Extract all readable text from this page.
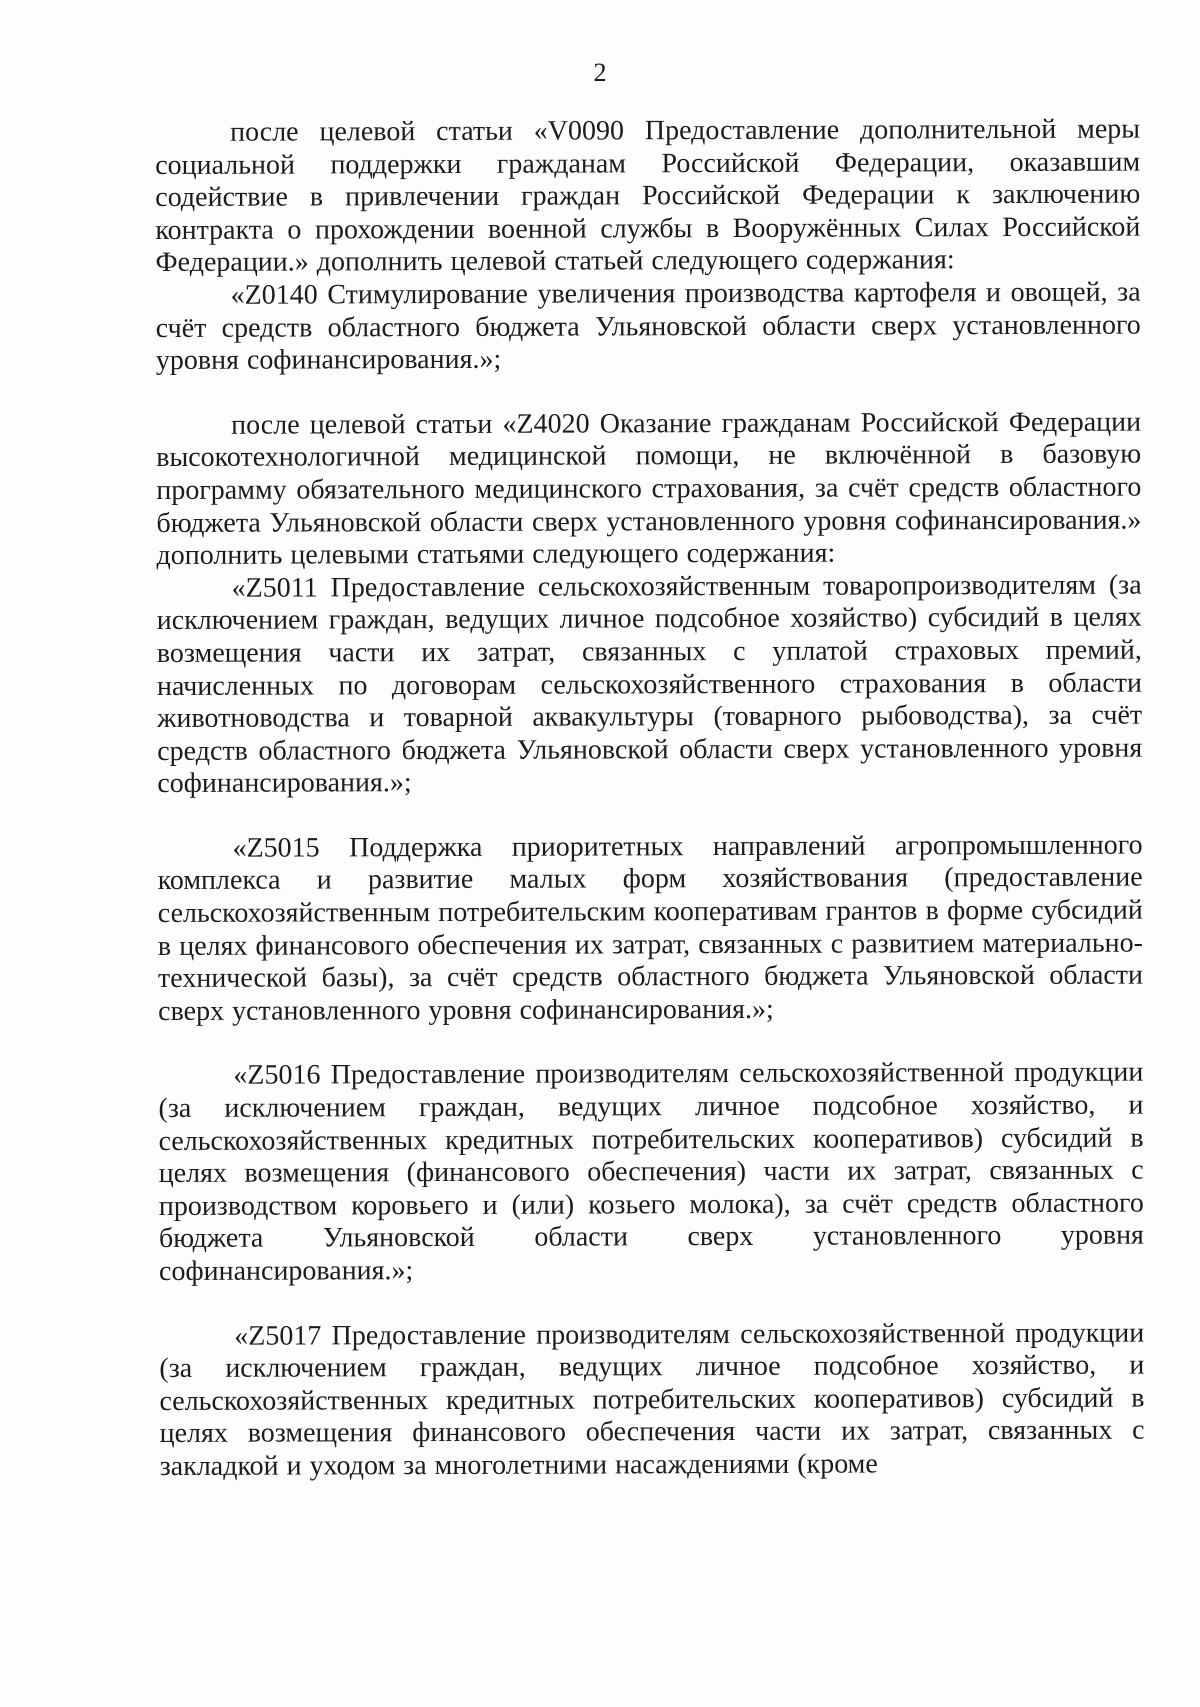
2

после целевой статьи «V0090 Предоставление дополнительной меры социальной поддержки гражданам Российской Федерации, оказавшим содействие в привлечении граждан Российской Федерации к заключению контракта о прохождении военной службы в Вооружённых Силах Российской Федерации.» дополнить целевой статьей следующего содержания:

«Z0140 Стимулирование увеличения производства картофеля и овощей, за счёт средств областного бюджета Ульяновской области сверх установленного уровня софинансирования.»;

после целевой статьи «Z4020 Оказание гражданам Российской Федерации высокотехнологичной медицинской помощи, не включённой в базовую программу обязательного медицинского страхования, за счёт средств областного бюджета Ульяновской области сверх установленного уровня софинансирования.» дополнить целевыми статьями следующего содержания:

«Z5011 Предоставление сельскохозяйственным товаропроизводителям (за исключением граждан, ведущих личное подсобное хозяйство) субсидий в целях возмещения части их затрат, связанных с уплатой страховых премий, начисленных по договорам сельскохозяйственного страхования в области животноводства и товарной аквакультуры (товарного рыбоводства), за счёт средств областного бюджета Ульяновской области сверх установленного уровня софинансирования.»;

«Z5015 Поддержка приоритетных направлений агропромышленного комплекса и развитие малых форм хозяйствования (предоставление сельскохозяйственным потребительским кооперативам грантов в форме субсидий в целях финансового обеспечения их затрат, связанных с развитием материально-технической базы), за счёт средств областного бюджета Ульяновской области сверх установленного уровня софинансирования.»;

«Z5016 Предоставление производителям сельскохозяйственной продукции (за исключением граждан, ведущих личное подсобное хозяйство, и сельскохозяйственных кредитных потребительских кооперативов) субсидий в целях возмещения (финансового обеспечения) части их затрат, связанных с производством коровьего и (или) козьего молока), за счёт средств областного бюджета Ульяновской области сверх установленного уровня софинансирования.»;

«Z5017 Предоставление производителям сельскохозяйственной продукции (за исключением граждан, ведущих личное подсобное хозяйство, и сельскохозяйственных кредитных потребительских кооперативов) субсидий в целях возмещения финансового обеспечения части их затрат, связанных с закладкой и уходом за многолетними насаждениями (кроме
